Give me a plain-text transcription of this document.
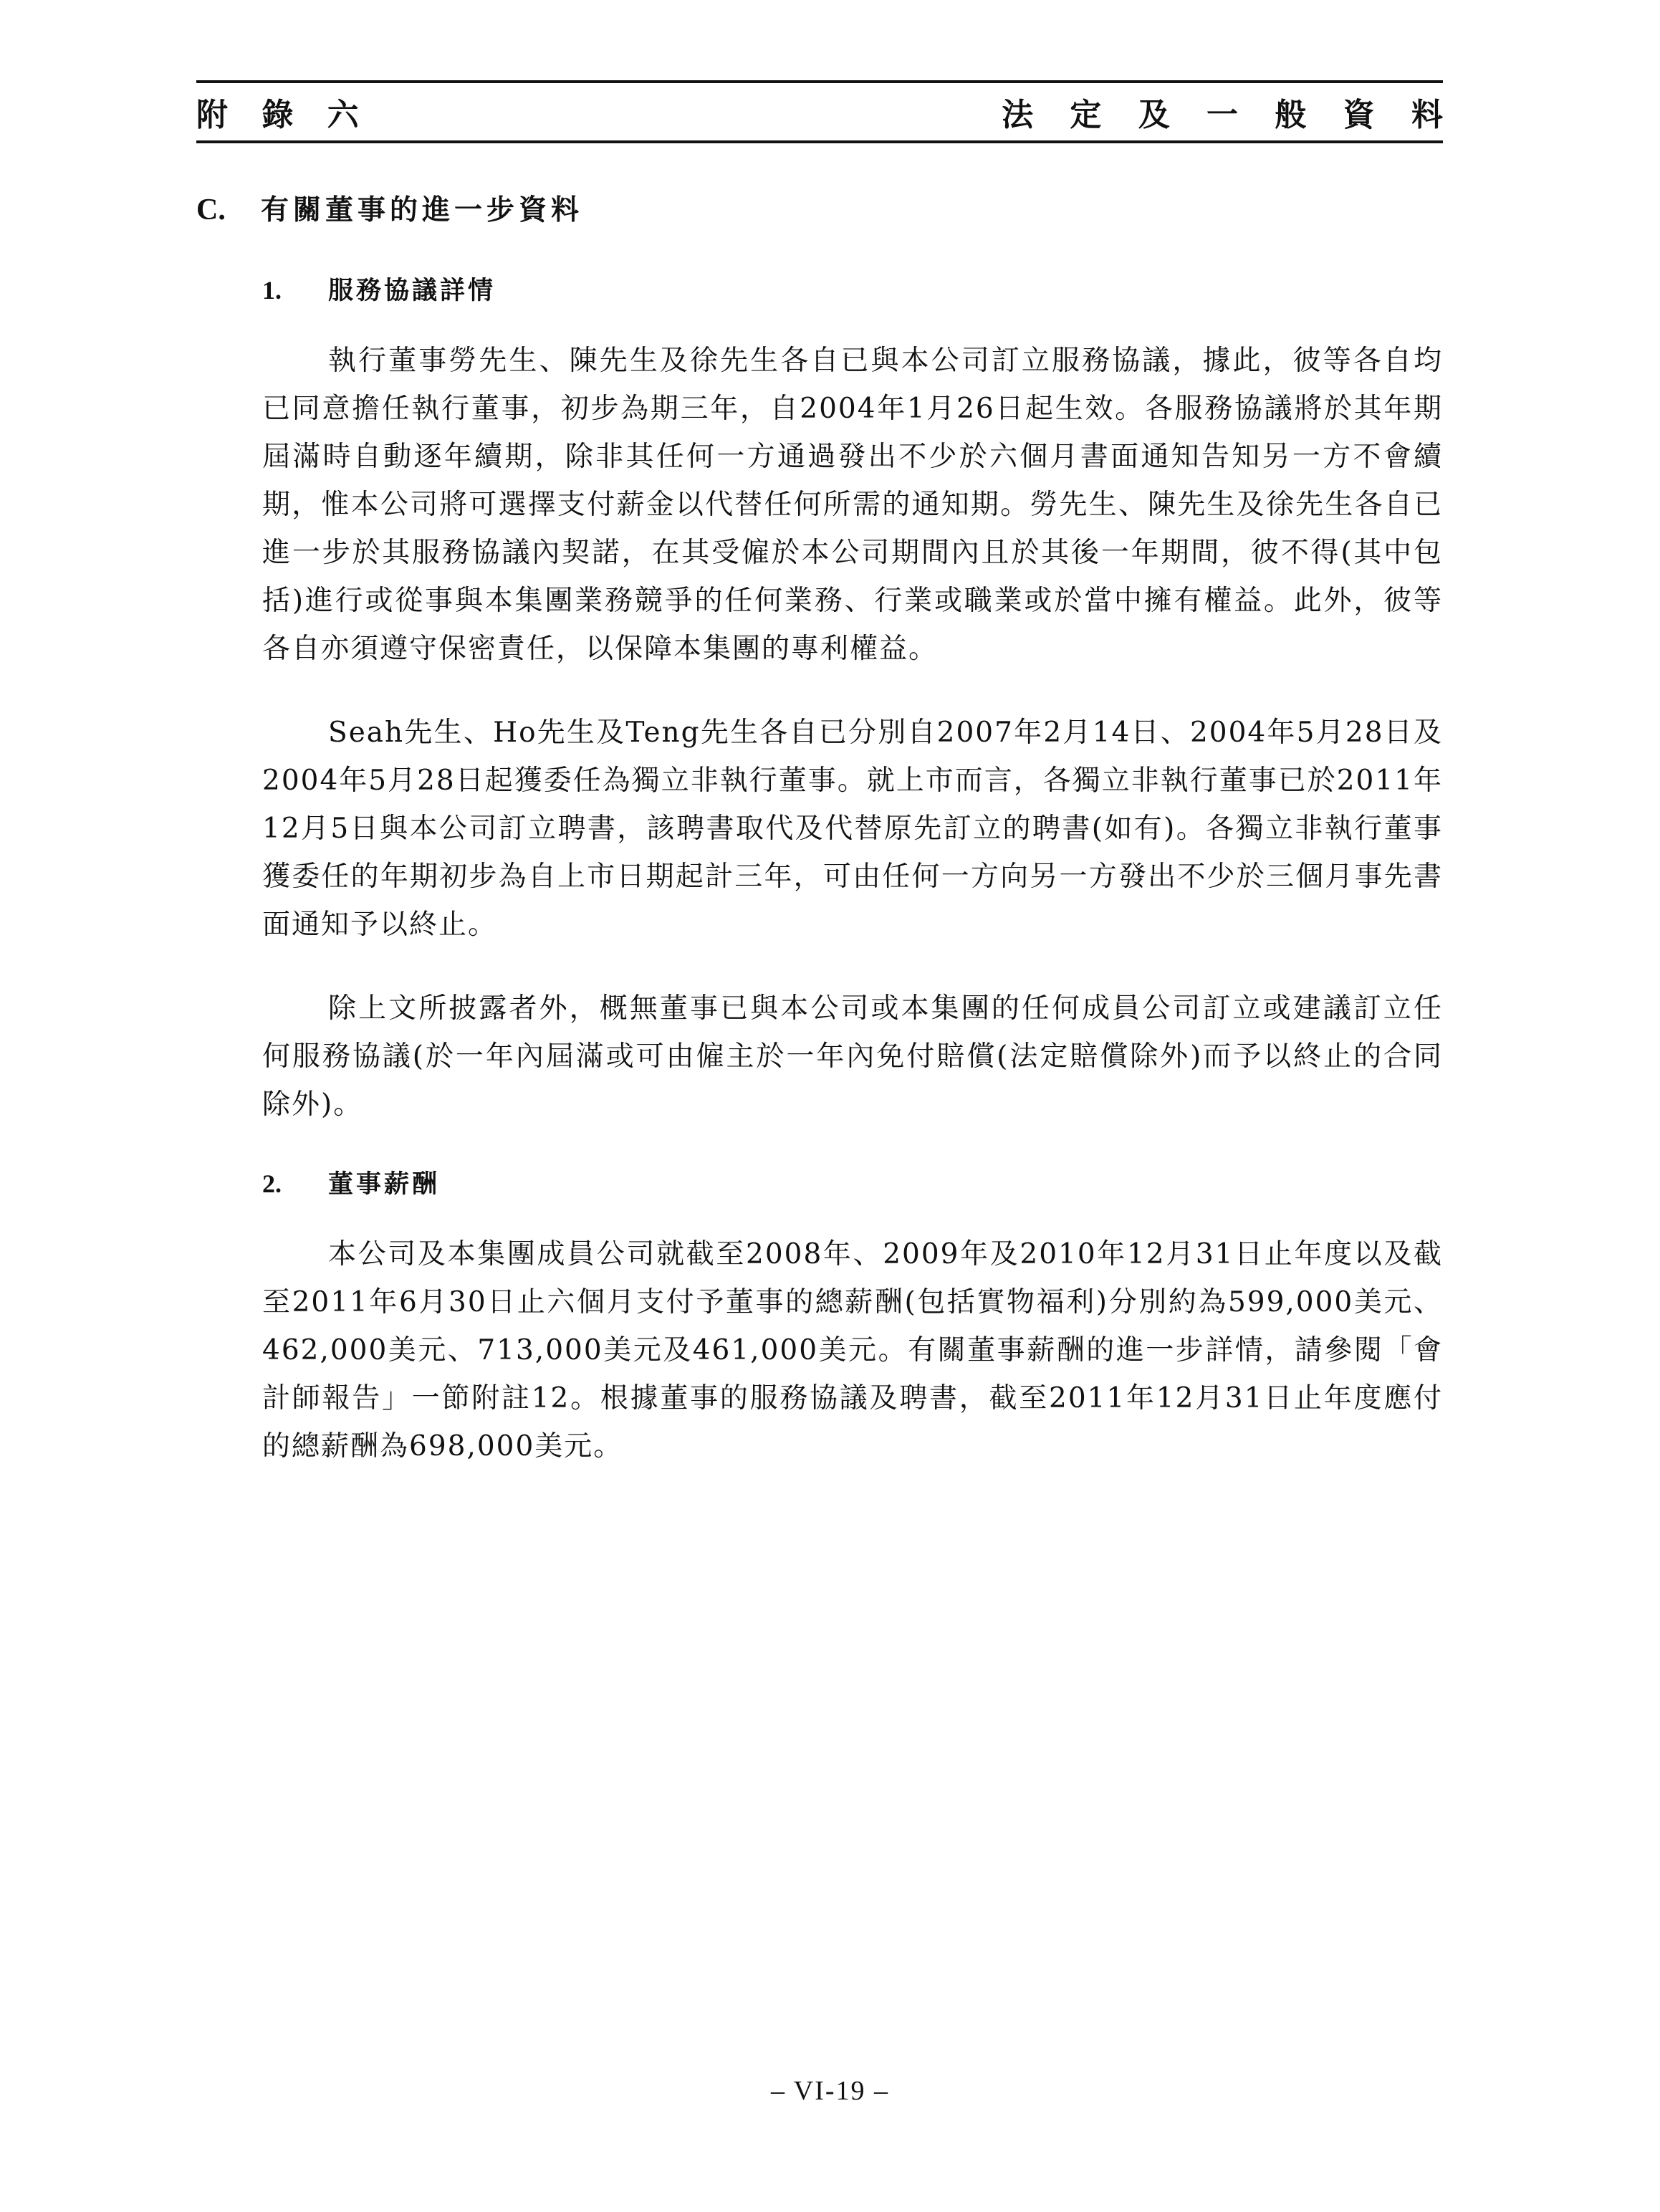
附 錄 六	法 定 及 一 般 資 料
C.	有關董事的進一步資料
1.	服務協議詳情

執行董事勞先生、陳先生及徐先生各自已與本公司訂立服務協議，據此，彼等各自均已同意擔任執行董事，初步為期三年，自2004年1月26日起生效。各服務協議將於其年期屆滿時自動逐年續期，除非其任何一方通過發出不少於六個月書面通知告知另一方不會續期，惟本公司將可選擇支付薪金以代替任何所需的通知期。勞先生、陳先生及徐先生各自已進一步於其服務協議內契諾，在其受僱於本公司期間內且於其後一年期間，彼不得(其中包括)進行或從事與本集團業務競爭的任何業務、行業或職業或於當中擁有權益。此外，彼等各自亦須遵守保密責任，以保障本集團的專利權益。

Seah先生、Ho先生及Teng先生各自已分別自2007年2月14日、2004年5月28日及2004年5月28日起獲委任為獨立非執行董事。就上市而言，各獨立非執行董事已於2011年12月5日與本公司訂立聘書，該聘書取代及代替原先訂立的聘書(如有)。各獨立非執行董事獲委任的年期初步為自上市日期起計三年，可由任何一方向另一方發出不少於三個月事先書面通知予以終止。

除上文所披露者外，概無董事已與本公司或本集團的任何成員公司訂立或建議訂立任何服務協議(於一年內屆滿或可由僱主於一年內免付賠償(法定賠償除外)而予以終止的合同除外)。

2.	董事薪酬

本公司及本集團成員公司就截至2008年、2009年及2010年12月31日止年度以及截至2011年6月30日止六個月支付予董事的總薪酬(包括實物福利)分別約為599,000美元、462,000美元、713,000美元及461,000美元。有關董事薪酬的進一步詳情，請參閱「會計師報告」一節附註12。根據董事的服務協議及聘書，截至2011年12月31日止年度應付的總薪酬為698,000美元。

– VI-19 –
